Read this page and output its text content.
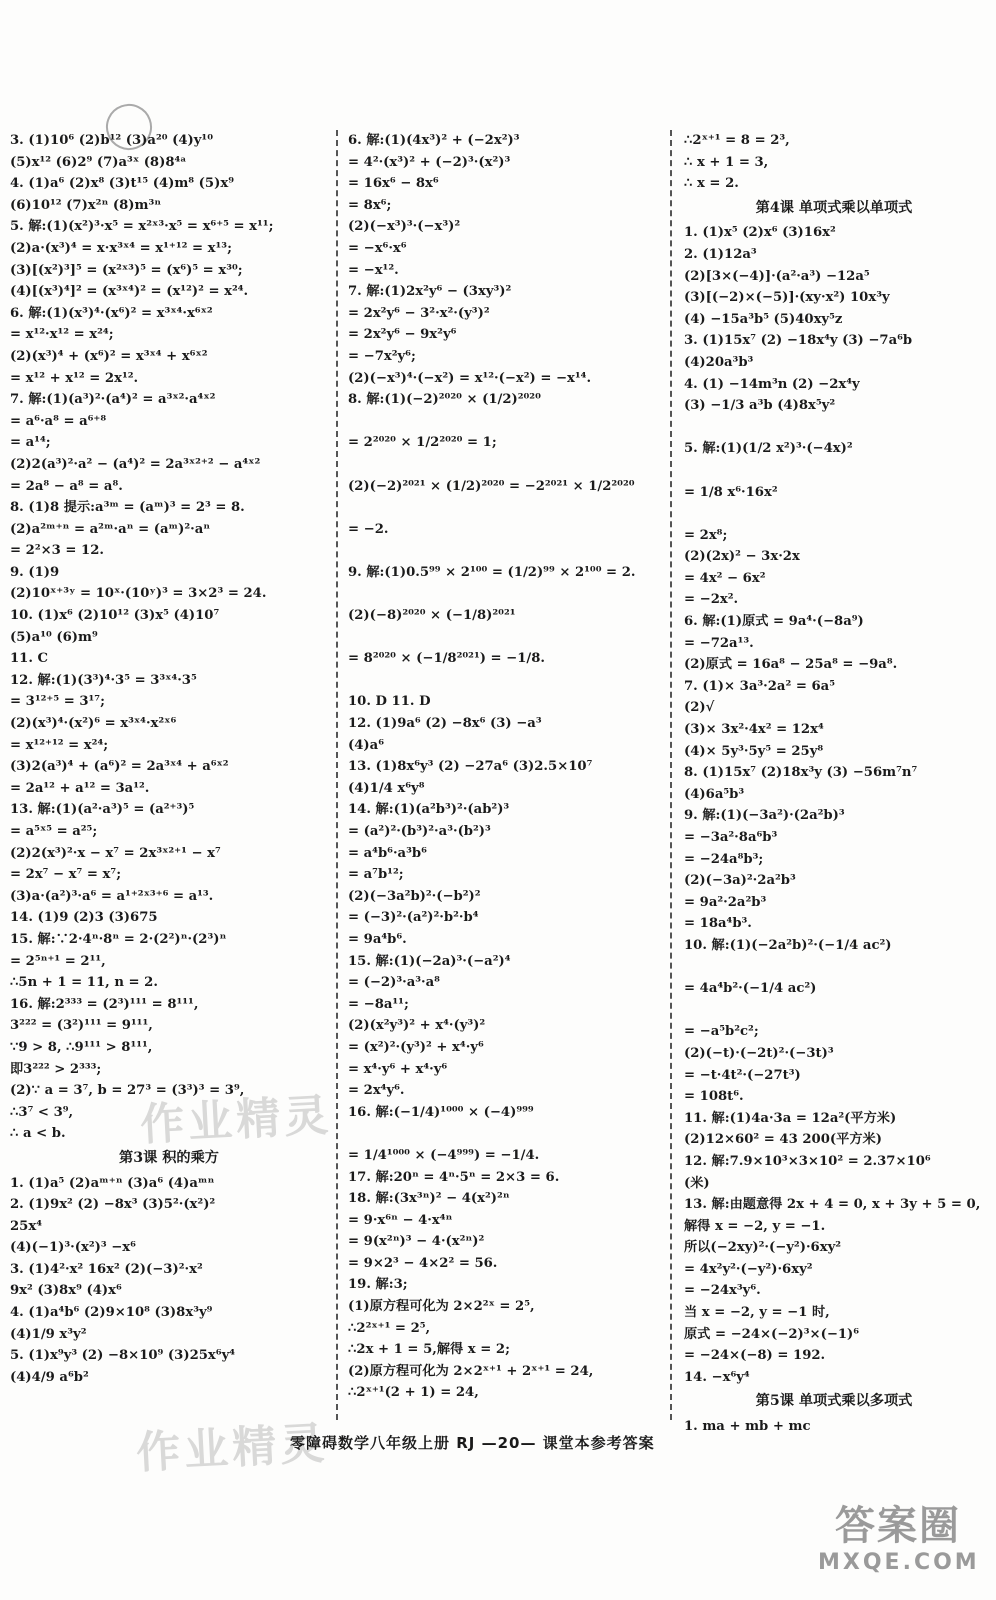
3. (1)10⁶ (2)b¹² (3)a²⁰ (4)y¹⁰
(5)x¹² (6)2⁹ (7)a³ˣ (8)8⁴ᵃ
4. (1)a⁶ (2)x⁸ (3)t¹⁵ (4)m⁸ (5)x⁹
(6)10¹² (7)x²ⁿ (8)m³ⁿ
5. 解:(1)(x²)³·x⁵ = x²ˣ³·x⁵ = x⁶⁺⁵ = x¹¹;
(2)a·(x³)⁴ = x·x³ˣ⁴ = x¹⁺¹² = x¹³;
(3)[(x²)³]⁵ = (x²ˣ³)⁵ = (x⁶)⁵ = x³⁰;
(4)[(x³)⁴]² = (x³ˣ⁴)² = (x¹²)² = x²⁴.
6. 解:(1)(x³)⁴·(x⁶)² = x³ˣ⁴·x⁶ˣ²
= x¹²·x¹² = x²⁴;
(2)(x³)⁴ + (x⁶)² = x³ˣ⁴ + x⁶ˣ²
= x¹² + x¹² = 2x¹².
7. 解:(1)(a³)²·(a⁴)² = a³ˣ²·a⁴ˣ²
= a⁶·a⁸ = a⁶⁺⁸
= a¹⁴;
(2)2(a³)²·a² − (a⁴)² = 2a³ˣ²⁺² − a⁴ˣ²
= 2a⁸ − a⁸ = a⁸.
8. (1)8 提示:a³ᵐ = (aᵐ)³ = 2³ = 8.
(2)a²ᵐ⁺ⁿ = a²ᵐ·aⁿ = (aᵐ)²·aⁿ
= 2²×3 = 12.
9. (1)9
(2)10ˣ⁺³ʸ = 10ˣ·(10ʸ)³ = 3×2³ = 24.
10. (1)x⁶ (2)10¹² (3)x⁵ (4)10⁷
(5)a¹⁰ (6)m⁹
11. C
12. 解:(1)(3³)⁴·3⁵ = 3³ˣ⁴·3⁵
= 3¹²⁺⁵ = 3¹⁷;
(2)(x³)⁴·(x²)⁶ = x³ˣ⁴·x²ˣ⁶
= x¹²⁺¹² = x²⁴;
(3)2(a³)⁴ + (a⁶)² = 2a³ˣ⁴ + a⁶ˣ²
= 2a¹² + a¹² = 3a¹².
13. 解:(1)(a²·a³)⁵ = (a²⁺³)⁵
= a⁵ˣ⁵ = a²⁵;
(2)2(x³)²·x − x⁷ = 2x³ˣ²⁺¹ − x⁷
= 2x⁷ − x⁷ = x⁷;
(3)a·(a²)³·a⁶ = a¹⁺²ˣ³⁺⁶ = a¹³.
14. (1)9 (2)3 (3)675
15. 解:∵2·4ⁿ·8ⁿ = 2·(2²)ⁿ·(2³)ⁿ
= 2⁵ⁿ⁺¹ = 2¹¹,
∴5n + 1 = 11, n = 2.
16. 解:2³³³ = (2³)¹¹¹ = 8¹¹¹,
3²²² = (3²)¹¹¹ = 9¹¹¹,
∵9 > 8, ∴9¹¹¹ > 8¹¹¹,
即3²²² > 2³³³;
(2)∵ a = 3⁷, b = 27³ = (3³)³ = 3⁹,
∴3⁷ < 3⁹,
∴ a < b.
第3课 积的乘方
1. (1)a⁵ (2)aᵐ⁺ⁿ (3)a⁶ (4)aᵐⁿ
2. (1)9x² (2) −8x³ (3)5²·(x²)²
25x⁴
(4)(−1)³·(x²)³ −x⁶
3. (1)4²·x² 16x² (2)(−3)²·x²
9x² (3)8x⁹ (4)x⁶
4. (1)a⁴b⁶ (2)9×10⁸ (3)8x³y⁹
(4)1/9 x³y²
5. (1)x⁹y³ (2) −8×10⁹ (3)25x⁶y⁴
(4)4/9 a⁶b²
6. 解:(1)(4x³)² + (−2x²)³
= 4²·(x³)² + (−2)³·(x²)³
= 16x⁶ − 8x⁶
= 8x⁶;
(2)(−x³)³·(−x³)²
= −x⁶·x⁶
= −x¹².
7. 解:(1)2x²y⁶ − (3xy³)²
= 2x²y⁶ − 3²·x²·(y³)²
= 2x²y⁶ − 9x²y⁶
= −7x²y⁶;
(2)(−x³)⁴·(−x²) = x¹²·(−x²) = −x¹⁴.
8. 解:(1)(−2)²⁰²⁰ × (1/2)²⁰²⁰

= 2²⁰²⁰ × 1/2²⁰²⁰ = 1;

(2)(−2)²⁰²¹ × (1/2)²⁰²⁰ = −2²⁰²¹ × 1/2²⁰²⁰

= −2.

9. 解:(1)0.5⁹⁹ × 2¹⁰⁰ = (1/2)⁹⁹ × 2¹⁰⁰ = 2.

(2)(−8)²⁰²⁰ × (−1/8)²⁰²¹

= 8²⁰²⁰ × (−1/8²⁰²¹) = −1/8.

10. D 11. D
12. (1)9a⁶ (2) −8x⁶ (3) −a³
(4)a⁶
13. (1)8x⁶y³ (2) −27a⁶ (3)2.5×10⁷
(4)1/4 x⁶y⁸
14. 解:(1)(a²b³)²·(ab²)³
= (a²)²·(b³)²·a³·(b²)³
= a⁴b⁶·a³b⁶
= a⁷b¹²;
(2)(−3a²b)²·(−b²)²
= (−3)²·(a²)²·b²·b⁴
= 9a⁴b⁶.
15. 解:(1)(−2a)³·(−a²)⁴
= (−2)³·a³·a⁸
= −8a¹¹;
(2)(x²y³)² + x⁴·(y³)²
= (x²)²·(y³)² + x⁴·y⁶
= x⁴·y⁶ + x⁴·y⁶
= 2x⁴y⁶.
16. 解:(−1/4)¹⁰⁰⁰ × (−4)⁹⁹⁹

= 1/4¹⁰⁰⁰ × (−4⁹⁹⁹) = −1/4.
17. 解:20ⁿ = 4ⁿ·5ⁿ = 2×3 = 6.
18. 解:(3x³ⁿ)² − 4(x²)²ⁿ
= 9·x⁶ⁿ − 4·x⁴ⁿ
= 9(x²ⁿ)³ − 4·(x²ⁿ)²
= 9×2³ − 4×2² = 56.
19. 解:3;
(1)原方程可化为 2×2²ˣ = 2⁵,
∴2²ˣ⁺¹ = 2⁵,
∴2x + 1 = 5,解得 x = 2;
(2)原方程可化为 2×2ˣ⁺¹ + 2ˣ⁺¹ = 24,
∴2ˣ⁺¹(2 + 1) = 24,
∴2ˣ⁺¹ = 8 = 2³,
∴ x + 1 = 3,
∴ x = 2.
第4课 单项式乘以单项式
1. (1)x⁵ (2)x⁶ (3)16x²
2. (1)12a³
(2)[3×(−4)]·(a²·a³) −12a⁵
(3)[(−2)×(−5)]·(xy·x²) 10x³y
(4) −15a³b⁵ (5)40xy⁵z
3. (1)15x⁷ (2) −18x⁴y (3) −7a⁶b
(4)20a³b³
4. (1) −14m³n (2) −2x⁴y
(3) −1/3 a³b (4)8x⁵y²

5. 解:(1)(1/2 x²)³·(−4x)²

= 1/8 x⁶·16x²

= 2x⁸;
(2)(2x)² − 3x·2x
= 4x² − 6x²
= −2x².
6. 解:(1)原式 = 9a⁴·(−8a⁹)
= −72a¹³.
(2)原式 = 16a⁸ − 25a⁸ = −9a⁸.
7. (1)× 3a³·2a² = 6a⁵
(2)√
(3)× 3x²·4x² = 12x⁴
(4)× 5y³·5y⁵ = 25y⁸
8. (1)15x⁷ (2)18x³y (3) −56m⁷n⁷
(4)6a⁵b³
9. 解:(1)(−3a²)·(2a²b)³
= −3a²·8a⁶b³
= −24a⁸b³;
(2)(−3a)²·2a²b³
= 9a²·2a²b³
= 18a⁴b³.
10. 解:(1)(−2a²b)²·(−1/4 ac²)

= 4a⁴b²·(−1/4 ac²)

= −a⁵b²c²;
(2)(−t)·(−2t)²·(−3t)³
= −t·4t²·(−27t³)
= 108t⁶.
11. 解:(1)4a·3a = 12a²(平方米)
(2)12×60² = 43 200(平方米)
12. 解:7.9×10³×3×10² = 2.37×10⁶
(米)
13. 解:由题意得 2x + 4 = 0, x + 3y + 5 = 0,
解得 x = −2, y = −1.
所以(−2xy)²·(−y²)·6xy²
= 4x²y²·(−y²)·6xy²
= −24x³y⁶.
当 x = −2, y = −1 时,
原式 = −24×(−2)³×(−1)⁶
= −24×(−8) = 192.
14. −x⁶y⁴
第5课 单项式乘以多项式
1. ma + mb + mc
作业精灵
作业精灵
零障碍数学八年级上册 RJ —20— 课堂本参考答案
答案圈
MXQE.COM
